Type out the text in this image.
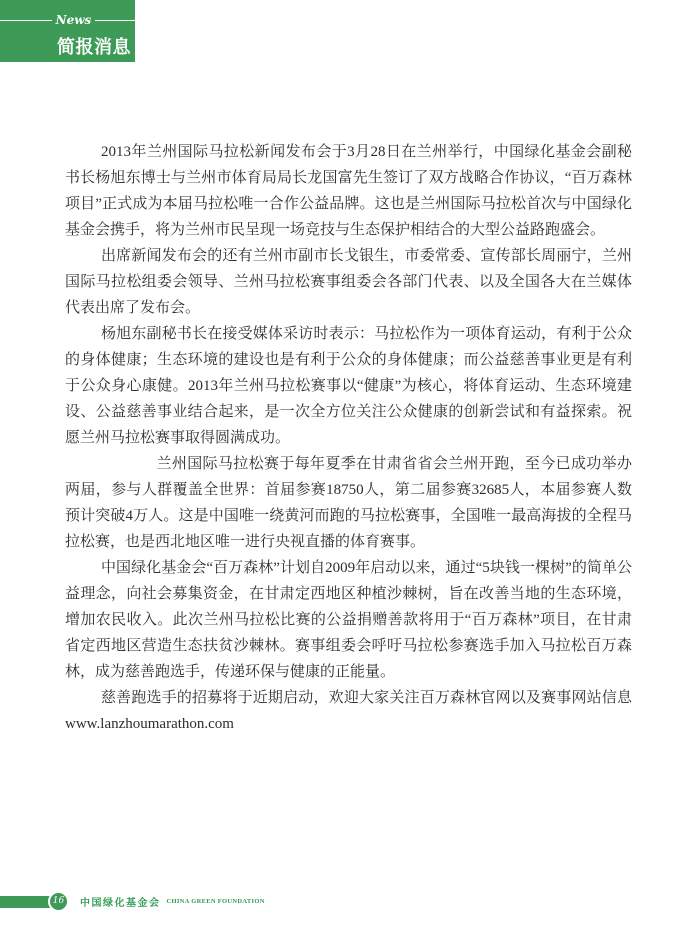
News
简报消息

2013年兰州国际马拉松新闻发布会于3月28日在兰州举行，中国绿化基金会副秘书长杨旭东博士与兰州市体育局局长龙国富先生签订了双方战略合作协议，“百万森林项目”正式成为本届马拉松唯一合作公益品牌。这也是兰州国际马拉松首次与中国绿化基金会携手，将为兰州市民呈现一场竞技与生态保护相结合的大型公益路跑盛会。

出席新闻发布会的还有兰州市副市长戈银生，市委常委、宣传部长周丽宁，兰州国际马拉松组委会领导、兰州马拉松赛事组委会各部门代表、以及全国各大在兰媒体代表出席了发布会。

杨旭东副秘书长在接受媒体采访时表示：马拉松作为一项体育运动，有利于公众的身体健康；生态环境的建设也是有利于公众的身体健康；而公益慈善事业更是有利于公众身心康健。2013年兰州马拉松赛事以“健康”为核心，将体育运动、生态环境建设、公益慈善事业结合起来，是一次全方位关注公众健康的创新尝试和有益探索。祝愿兰州马拉松赛事取得圆满成功。

兰州国际马拉松赛于每年夏季在甘肃省省会兰州开跑，至今已成功举办两届，参与人群覆盖全世界：首届参赛18750人，第二届参赛32685人，本届参赛人数预计突破4万人。这是中国唯一绕黄河而跑的马拉松赛事，全国唯一最高海拔的全程马拉松赛，也是西北地区唯一进行央视直播的体育赛事。

中国绿化基金会“百万森林”计划自2009年启动以来，通过“5块钱一棵树”的简单公益理念，向社会募集资金，在甘肃定西地区种植沙棘树，旨在改善当地的生态环境，增加农民收入。此次兰州马拉松比赛的公益捐赠善款将用于“百万森林”项目，在甘肃省定西地区营造生态扶贫沙棘林。赛事组委会呼吁马拉松参赛选手加入马拉松百万森林，成为慈善跑选手，传递环保与健康的正能量。

慈善跑选手的招募将于近期启动，欢迎大家关注百万森林官网以及赛事网站信息www.​lanzhoumarathon.com

16 中国绿化基金会 CHINA GREEN FOUNDATION
